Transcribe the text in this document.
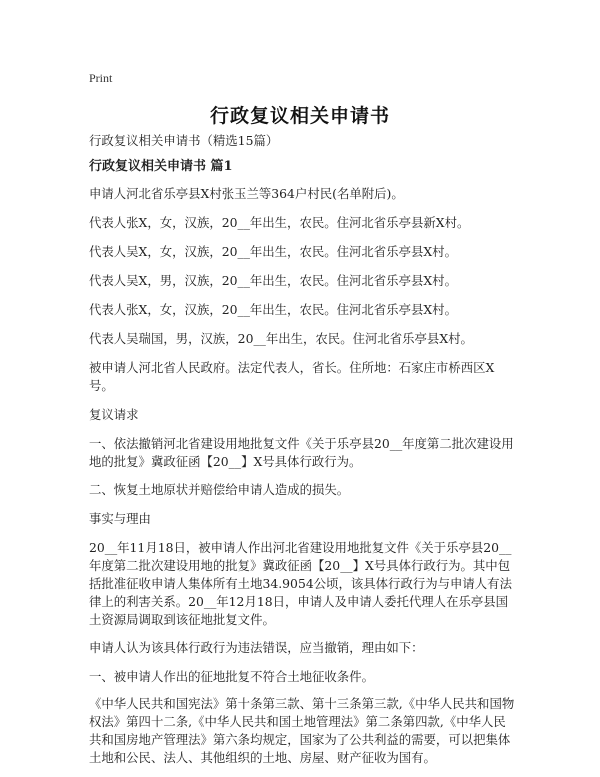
Print
行政复议相关申请书

行政复议相关申请书（精选15篇）

行政复议相关申请书 篇1

申请人河北省乐亭县X村张玉兰等364户村民(名单附后)。

代表人张X，女，汉族，20__年出生，农民。住河北省乐亭县新X村。

代表人吴X，女，汉族，20__年出生，农民。住河北省乐亭县X村。

代表人吴X，男，汉族，20__年出生，农民。住河北省乐亭县X村。

代表人张X，女，汉族，20__年出生，农民。住河北省乐亭县X村。

代表人吴瑞国，男，汉族，20__年出生，农民。住河北省乐亭县X村。

被申请人河北省人民政府。法定代表人，省长。住所地：石家庄市桥西区X号。

复议请求

一、依法撤销河北省建设用地批复文件《关于乐亭县20__年度第二批次建设用地的批复》冀政征函【20__】X号具体行政行为。

二、恢复土地原状并赔偿给申请人造成的损失。

事实与理由

20__年11月18日，被申请人作出河北省建设用地批复文件《关于乐亭县20__年度第二批次建设用地的批复》冀政征函【20__】X号具体行政行为。其中包括批准征收申请人集体所有土地34.9054公顷，该具体行政行为与申请人有法律上的利害关系。20__年12月18日，申请人及申请人委托代理人在乐亭县国土资源局调取到该征地批复文件。

申请人认为该具体行政行为违法错误，应当撤销，理由如下：

一、被申请人作出的征地批复不符合土地征收条件。

《中华人民共和国宪法》第十条第三款、第十三条第三款,《中华人民共和国物权法》第四十二条,《中华人民共和国土地管理法》第二条第四款,《中华人民共和国房地产管理法》第六条均规定，国家为了公共利益的需要，可以把集体土地和公民、法人、其他组织的土地、房屋、财产征收为国有。
